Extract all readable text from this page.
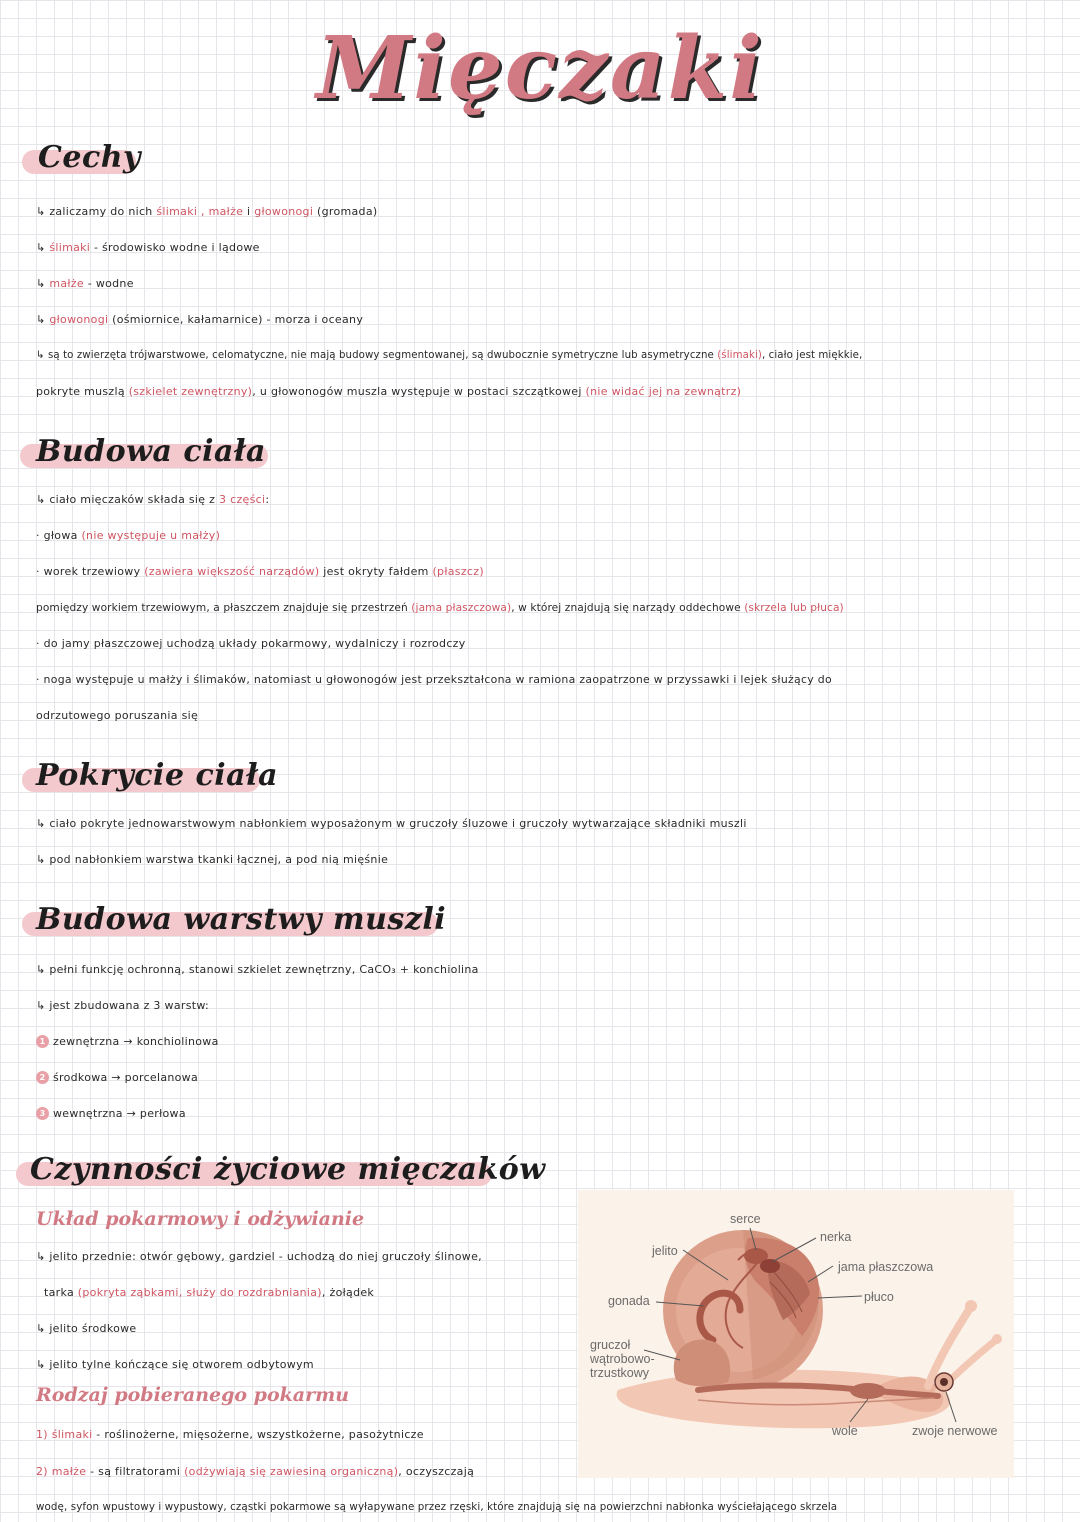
Mięczaki
Cechy
↳ zaliczamy do nich ślimaki , małże i głowonogi (gromada)
↳ ślimaki - środowisko wodne i lądowe
↳ małże - wodne
↳ głowonogi (ośmiornice, kałamarnice) - morza i oceany
↳ są to zwierzęta trójwarstwowe, celomatyczne, nie mają budowy segmentowanej, są dwubocznie symetryczne lub asymetryczne (ślimaki), ciało jest miękkie,
pokryte muszlą (szkielet zewnętrzny), u głowonogów muszla występuje w postaci szczątkowej (nie widać jej na zewnątrz)
Budowa ciała
↳ ciało mięczaków składa się z 3 części:
· głowa (nie występuje u małży)
· worek trzewiowy (zawiera większość narządów) jest okryty fałdem (płaszcz)
pomiędzy workiem trzewiowym, a płaszczem znajduje się przestrzeń (jama płaszczowa), w której znajdują się narządy oddechowe (skrzela lub płuca)
· do jamy płaszczowej uchodzą układy pokarmowy, wydalniczy i rozrodczy
· noga występuje u małży i ślimaków, natomiast u głowonogów jest przekształcona w ramiona zaopatrzone w przyssawki i lejek służący do
odrzutowego poruszania się
Pokrycie ciała
↳ ciało pokryte jednowarstwowym nabłonkiem wyposażonym w gruczoły śluzowe i gruczoły wytwarzające składniki muszli
↳ pod nabłonkiem warstwa tkanki łącznej, a pod nią mięśnie
Budowa warstwy muszli
↳ pełni funkcję ochronną, stanowi szkielet zewnętrzny, CaCO₃ + konchiolina
↳ jest zbudowana z 3 warstw:
1 zewnętrzna → konchiolinowa
2 środkowa → porcelanowa
3 wewnętrzna → perłowa
Czynności życiowe mięczaków
Układ pokarmowy i odżywianie
↳ jelito przednie: otwór gębowy, gardziel - uchodzą do niej gruczoły ślinowe,
tarka (pokryta ząbkami, służy do rozdrabniania), żołądek
↳ jelito środkowe
↳ jelito tylne kończące się otworem odbytowym
Rodzaj pobieranego pokarmu
1) ślimaki - roślinożerne, mięsożerne, wszystkożerne, pasożytnicze
2) małże - są filtratorami (odżywiają się zawiesiną organiczną), oczyszczają
wodę, syfon wpustowy i wypustowy, cząstki pokarmowe są wyłapywane przez rzęski, które znajdują się na powierzchni nabłonka wyściełającego skrzela
serce
nerka
jelito
jama płaszczowa
gonada	płuco
gruczoł
wątrobowo-
trzustkowy
wole	zwoje nerwowe
